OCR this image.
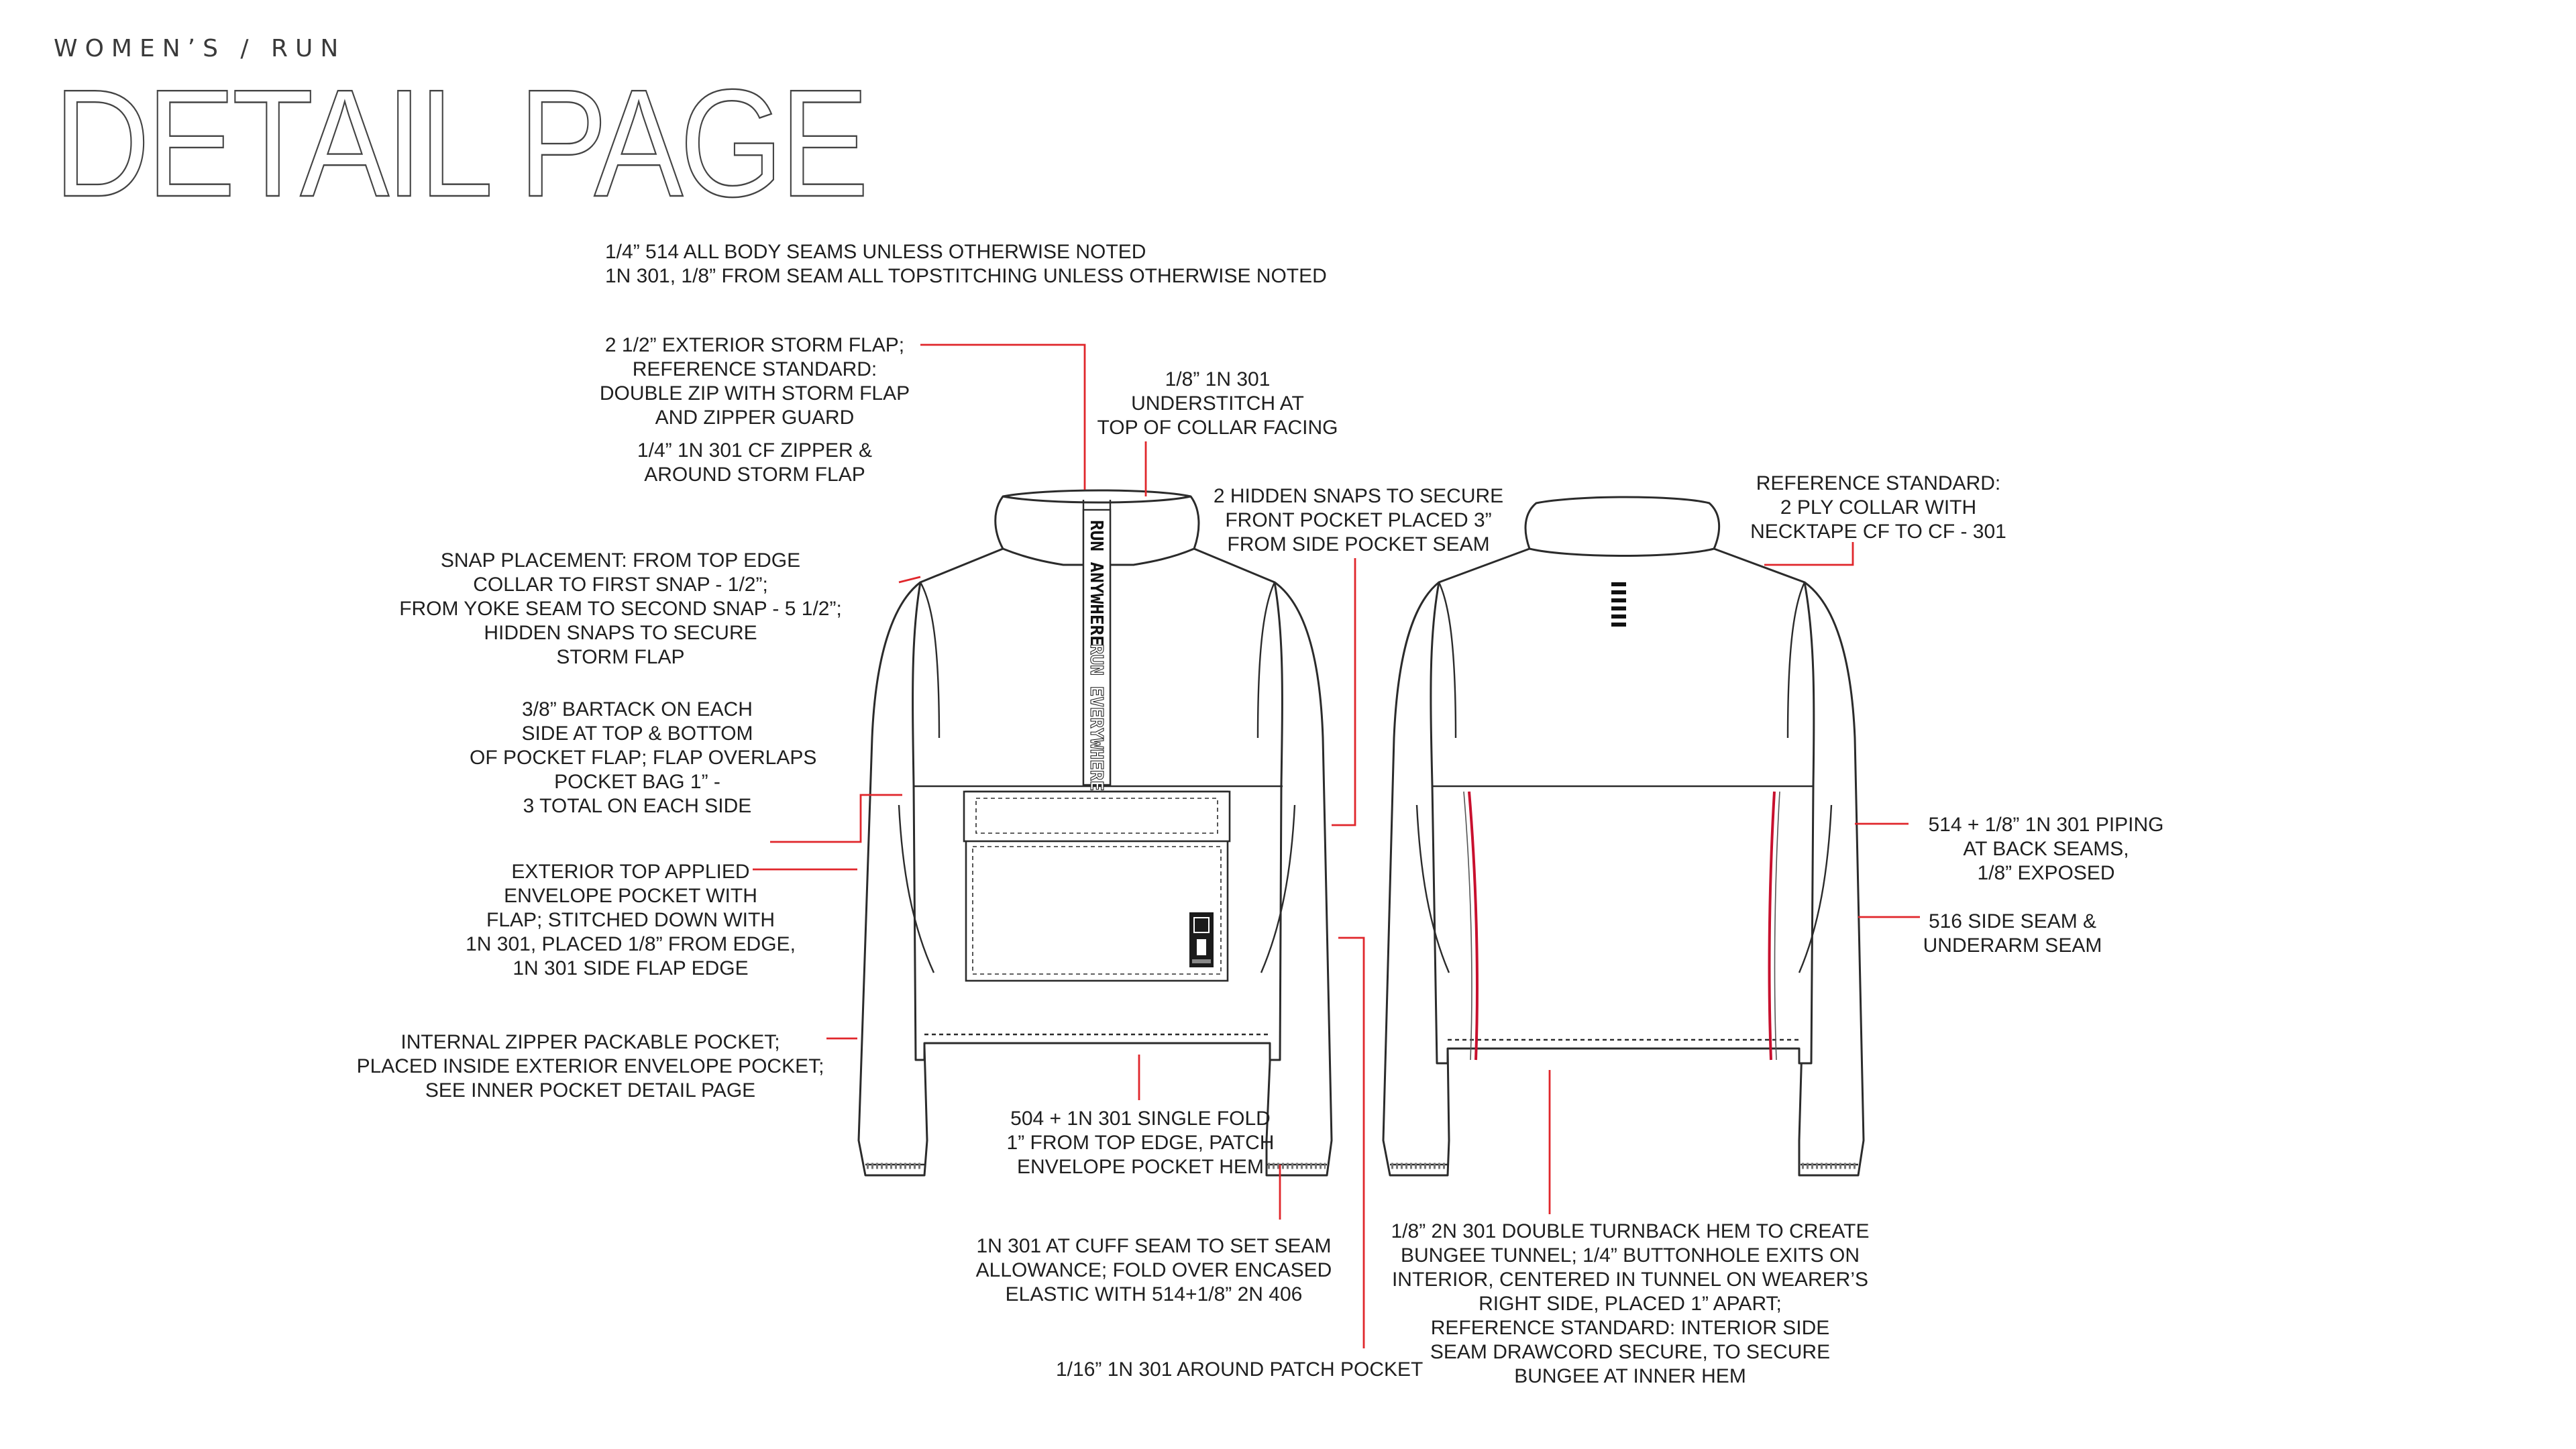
WOMEN’S / RUN
DETAIL PAGE
RUN ANYWHERE
RUN EVERYWHERE
1/4” 514 ALL BODY SEAMS UNLESS OTHERWISE NOTED
1N 301, 1/8” FROM SEAM ALL TOPSTITCHING UNLESS OTHERWISE NOTED
2 1/2” EXTERIOR STORM FLAP;
REFERENCE STANDARD:
DOUBLE ZIP WITH STORM FLAP
AND ZIPPER GUARD
1/4” 1N 301 CF ZIPPER &
AROUND STORM FLAP
1/8” 1N 301
UNDERSTITCH AT
TOP OF COLLAR FACING
2 HIDDEN SNAPS TO SECURE
FRONT POCKET PLACED 3”
FROM SIDE POCKET SEAM
SNAP PLACEMENT: FROM TOP EDGE
COLLAR TO FIRST SNAP - 1/2”;
FROM YOKE SEAM TO SECOND SNAP - 5 1/2”;
HIDDEN SNAPS TO SECURE
STORM FLAP
3/8” BARTACK ON EACH
SIDE AT TOP & BOTTOM
OF POCKET FLAP; FLAP OVERLAPS
POCKET BAG 1” -
3 TOTAL ON EACH SIDE
EXTERIOR TOP APPLIED
ENVELOPE POCKET WITH
FLAP; STITCHED DOWN WITH
1N 301, PLACED 1/8” FROM EDGE,
1N 301 SIDE FLAP EDGE
INTERNAL ZIPPER PACKABLE POCKET;
PLACED INSIDE EXTERIOR ENVELOPE POCKET;
SEE INNER POCKET DETAIL PAGE
504 + 1N 301 SINGLE FOLD
1” FROM TOP EDGE, PATCH
ENVELOPE POCKET HEM
1N 301 AT CUFF SEAM TO SET SEAM
ALLOWANCE; FOLD OVER ENCASED
ELASTIC WITH 514+1/8” 2N 406
1/16” 1N 301 AROUND PATCH POCKET
REFERENCE STANDARD:
2 PLY COLLAR WITH
NECKTAPE CF TO CF - 301
514 + 1/8” 1N 301 PIPING
AT BACK SEAMS,
1/8” EXPOSED
516 SIDE SEAM &
UNDERARM SEAM
1/8” 2N 301 DOUBLE TURNBACK HEM TO CREATE
BUNGEE TUNNEL; 1/4” BUTTONHOLE EXITS ON
INTERIOR, CENTERED IN TUNNEL ON WEARER’S
RIGHT SIDE, PLACED 1” APART;
REFERENCE STANDARD: INTERIOR SIDE
SEAM DRAWCORD SECURE, TO SECURE
BUNGEE AT INNER HEM
